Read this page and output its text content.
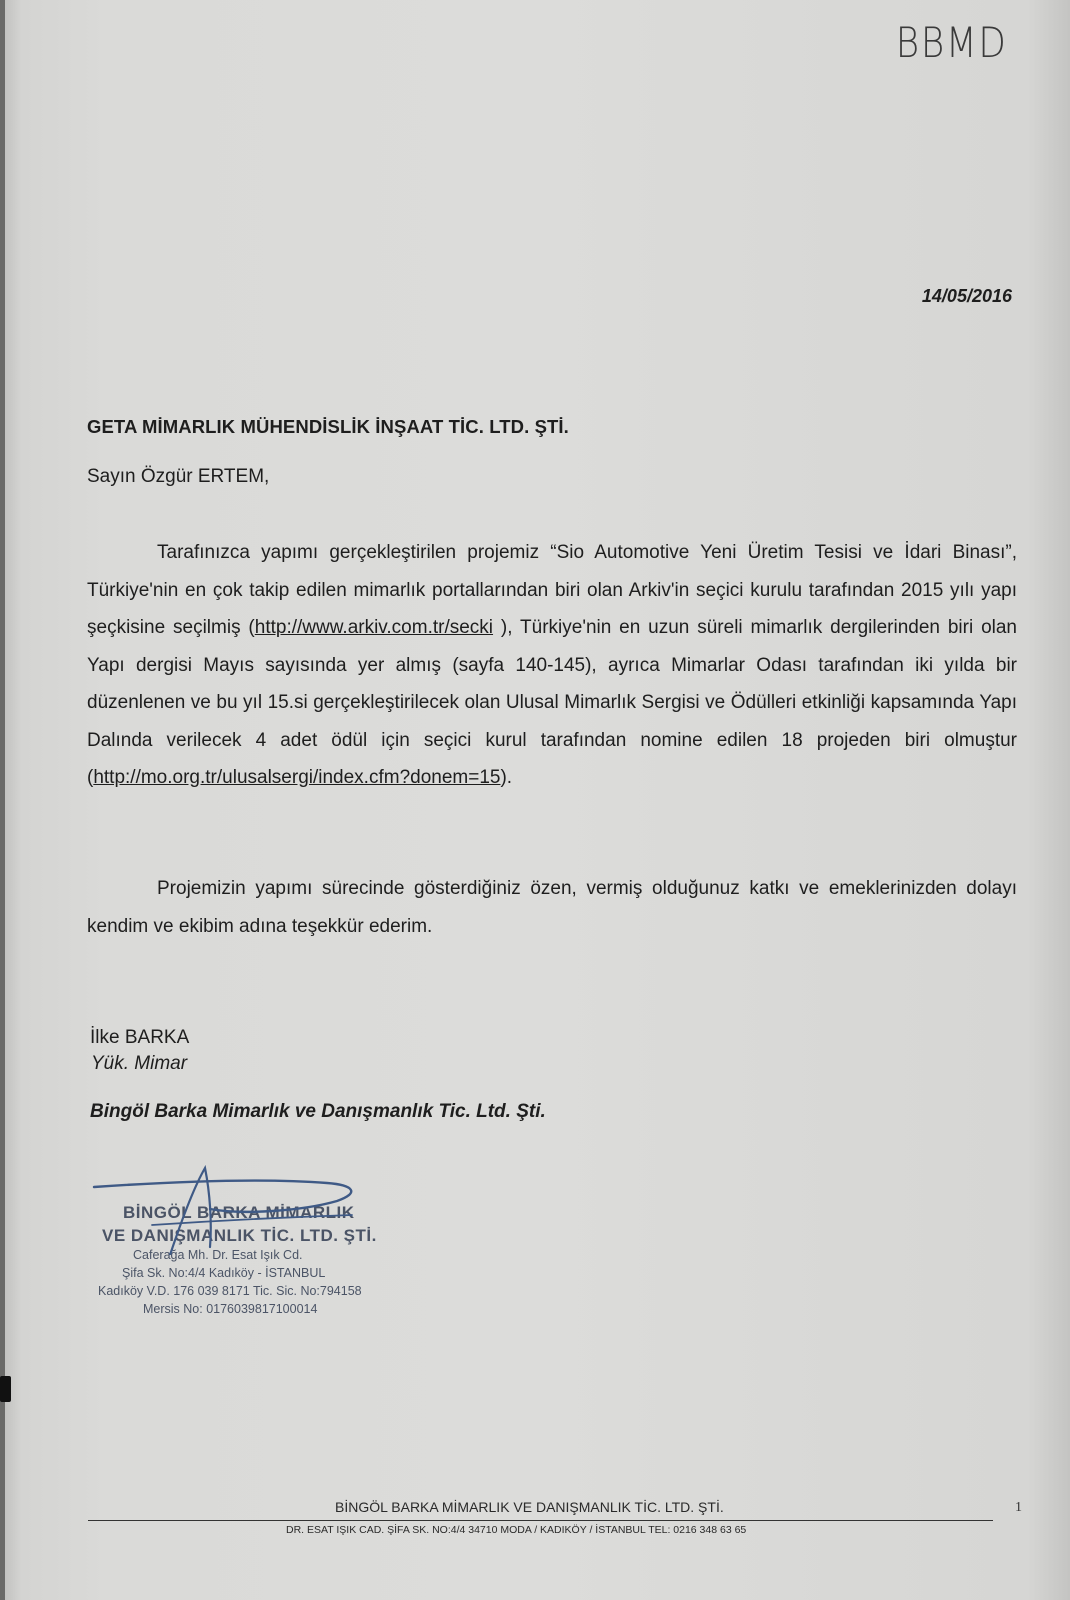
BBMD
14/05/2016
GETA MİMARLIK MÜHENDİSLİK İNŞAAT TİC. LTD. ŞTİ.
Sayın Özgür ERTEM,
Tarafınızca yapımı gerçekleştirilen projemiz “Sio Automotive Yeni Üretim Tesisi ve İdari Binası”, Türkiye'nin en çok takip edilen mimarlık portallarından biri olan Arkiv'in seçici kurulu tarafından 2015 yılı yapı şeçkisine seçilmiş (http://www.arkiv.com.tr/secki ), Türkiye'nin en uzun süreli mimarlık dergilerinden biri olan Yapı dergisi Mayıs sayısında yer almış (sayfa 140-145), ayrıca Mimarlar Odası tarafından iki yılda bir düzenlenen ve bu yıl 15.si gerçekleştirilecek olan Ulusal Mimarlık Sergisi ve Ödülleri etkinliği kapsamında Yapı Dalında verilecek 4 adet ödül için seçici kurul tarafından nomine edilen 18 projeden biri olmuştur (http://mo.org.tr/ulusalsergi/index.cfm?donem=15).
Projemizin yapımı sürecinde gösterdiğiniz özen, vermiş olduğunuz katkı ve emeklerinizden dolayı kendim ve ekibim adına teşekkür ederim.
İlke BARKA
Yük. Mimar
Bingöl Barka Mimarlık ve Danışmanlık Tic. Ltd. Şti.
BİNGÖL BARKA MİMARLIK
VE DANIŞMANLIK TİC. LTD. ŞTİ.
Caferağa Mh. Dr. Esat Işık Cd.
Şifa Sk. No:4/4 Kadıköy - İSTANBUL
Kadıköy V.D. 176 039 8171 Tic. Sic. No:794158
Mersis No: 0176039817100014
BİNGÖL BARKA MİMARLIK VE DANIŞMANLIK TİC. LTD. ŞTİ.
DR. ESAT IŞIK CAD. ŞİFA SK. NO:4/4 34710 MODA / KADIKÖY / İSTANBUL TEL: 0216 348 63 65
1
